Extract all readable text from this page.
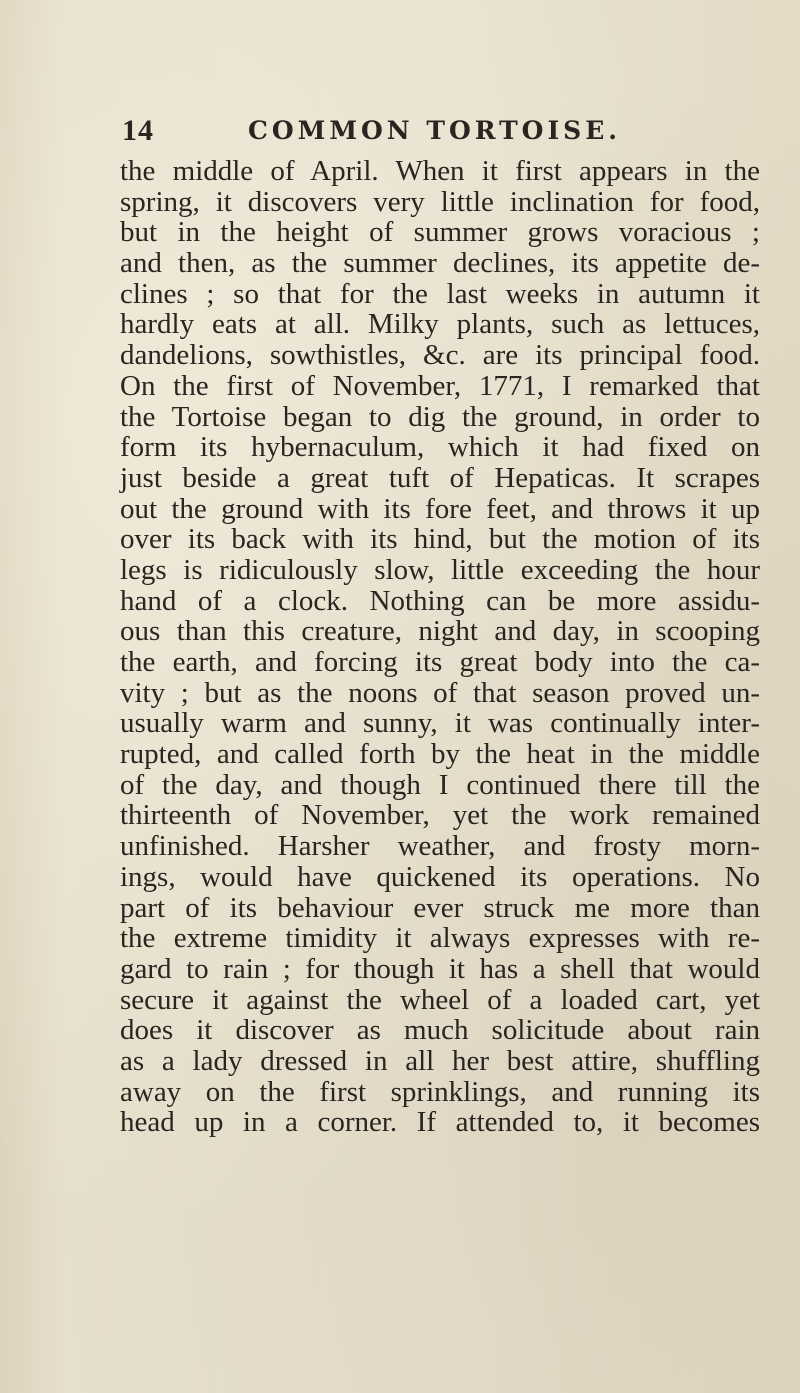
14	COMMON TORTOISE.
the middle of April. When it first appears in the
spring, it discovers very little inclination for food,
but in the height of summer grows voracious ;
and then, as the summer declines, its appetite de-
clines ; so that for the last weeks in autumn it
hardly eats at all. Milky plants, such as lettuces,
dandelions, sowthistles, &c. are its principal food.
On the first of November, 1771, I remarked that
the Tortoise began to dig the ground, in order to
form its hybernaculum, which it had fixed on
just beside a great tuft of Hepaticas. It scrapes
out the ground with its fore feet, and throws it up
over its back with its hind, but the motion of its
legs is ridiculously slow, little exceeding the hour
hand of a clock. Nothing can be more assidu-
ous than this creature, night and day, in scooping
the earth, and forcing its great body into the ca-
vity ; but as the noons of that season proved un-
usually warm and sunny, it was continually inter-
rupted, and called forth by the heat in the middle
of the day, and though I continued there till the
thirteenth of November, yet the work remained
unfinished. Harsher weather, and frosty morn-
ings, would have quickened its operations. No
part of its behaviour ever struck me more than
the extreme timidity it always expresses with re-
gard to rain ; for though it has a shell that would
secure it against the wheel of a loaded cart, yet
does it discover as much solicitude about rain
as a lady dressed in all her best attire, shuffling
away on the first sprinklings, and running its
head up in a corner. If attended to, it becomes
